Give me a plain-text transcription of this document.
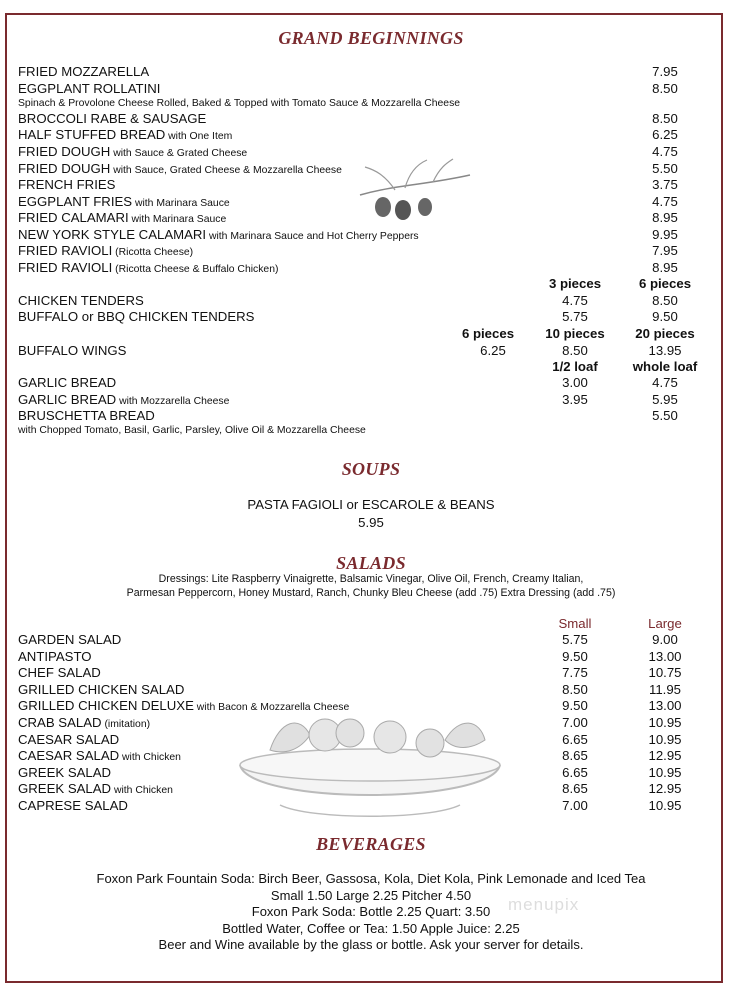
GRAND BEGINNINGS
FRIED MOZZARELLA	7.95
EGGPLANT ROLLATINI	8.50
BROCCOLI RABE & SAUSAGE	8.50
HALF STUFFED BREAD with One Item	6.25
FRIED DOUGH with Sauce & Grated Cheese	4.75
FRIED DOUGH with Sauce, Grated Cheese & Mozzarella Cheese	5.50
FRENCH FRIES	3.75
EGGPLANT FRIES with Marinara Sauce	4.75
FRIED CALAMARI with Marinara Sauce	8.95
NEW YORK STYLE CALAMARI with Marinara Sauce and Hot Cherry Peppers	9.95
FRIED RAVIOLI (Ricotta Cheese)	7.95
FRIED RAVIOLI (Ricotta Cheese & Buffalo Chicken)	8.95
Spinach & Provolone Cheese Rolled, Baked & Topped with Tomato Sauce & Mozzarella Cheese
3 pieces	6 pieces
CHICKEN TENDERS	4.75	8.50
BUFFALO or BBQ CHICKEN TENDERS	5.75	9.50
6 pieces	10 pieces	20 pieces
BUFFALO WINGS	6.25	8.50	13.95
1/2 loaf	whole loaf
GARLIC BREAD	3.00	4.75
GARLIC BREAD with Mozzarella Cheese	3.95	5.95
BRUSCHETTA BREAD	5.50
with Chopped Tomato, Basil, Garlic, Parsley, Olive Oil & Mozzarella Cheese
SOUPS
PASTA FAGIOLI or ESCAROLE & BEANS
5.95
SALADS
Dressings: Lite Raspberry Vinaigrette, Balsamic Vinegar, Olive Oil, French, Creamy Italian,
Parmesan Peppercorn, Honey Mustard, Ranch, Chunky Bleu Cheese (add .75) Extra Dressing (add .75)
Small	Large
GARDEN SALAD	5.75	9.00
ANTIPASTO	9.50	13.00
CHEF SALAD	7.75	10.75
GRILLED CHICKEN SALAD	8.50	11.95
GRILLED CHICKEN DELUXE with Bacon & Mozzarella Cheese	9.50	13.00
CRAB SALAD (imitation)	7.00	10.95
CAESAR SALAD	6.65	10.95
CAESAR SALAD with Chicken	8.65	12.95
GREEK SALAD	6.65	10.95
GREEK SALAD with Chicken	8.65	12.95
CAPRESE SALAD	7.00	10.95
BEVERAGES
Foxon Park Fountain Soda: Birch Beer, Gassosa, Kola, Diet Kola, Pink Lemonade and Iced Tea
Small 1.50 Large 2.25 Pitcher 4.50
Foxon Park Soda: Bottle 2.25 Quart: 3.50
Bottled Water, Coffee or Tea: 1.50 Apple Juice: 2.25
Beer and Wine available by the glass or bottle. Ask your server for details.
menupix
